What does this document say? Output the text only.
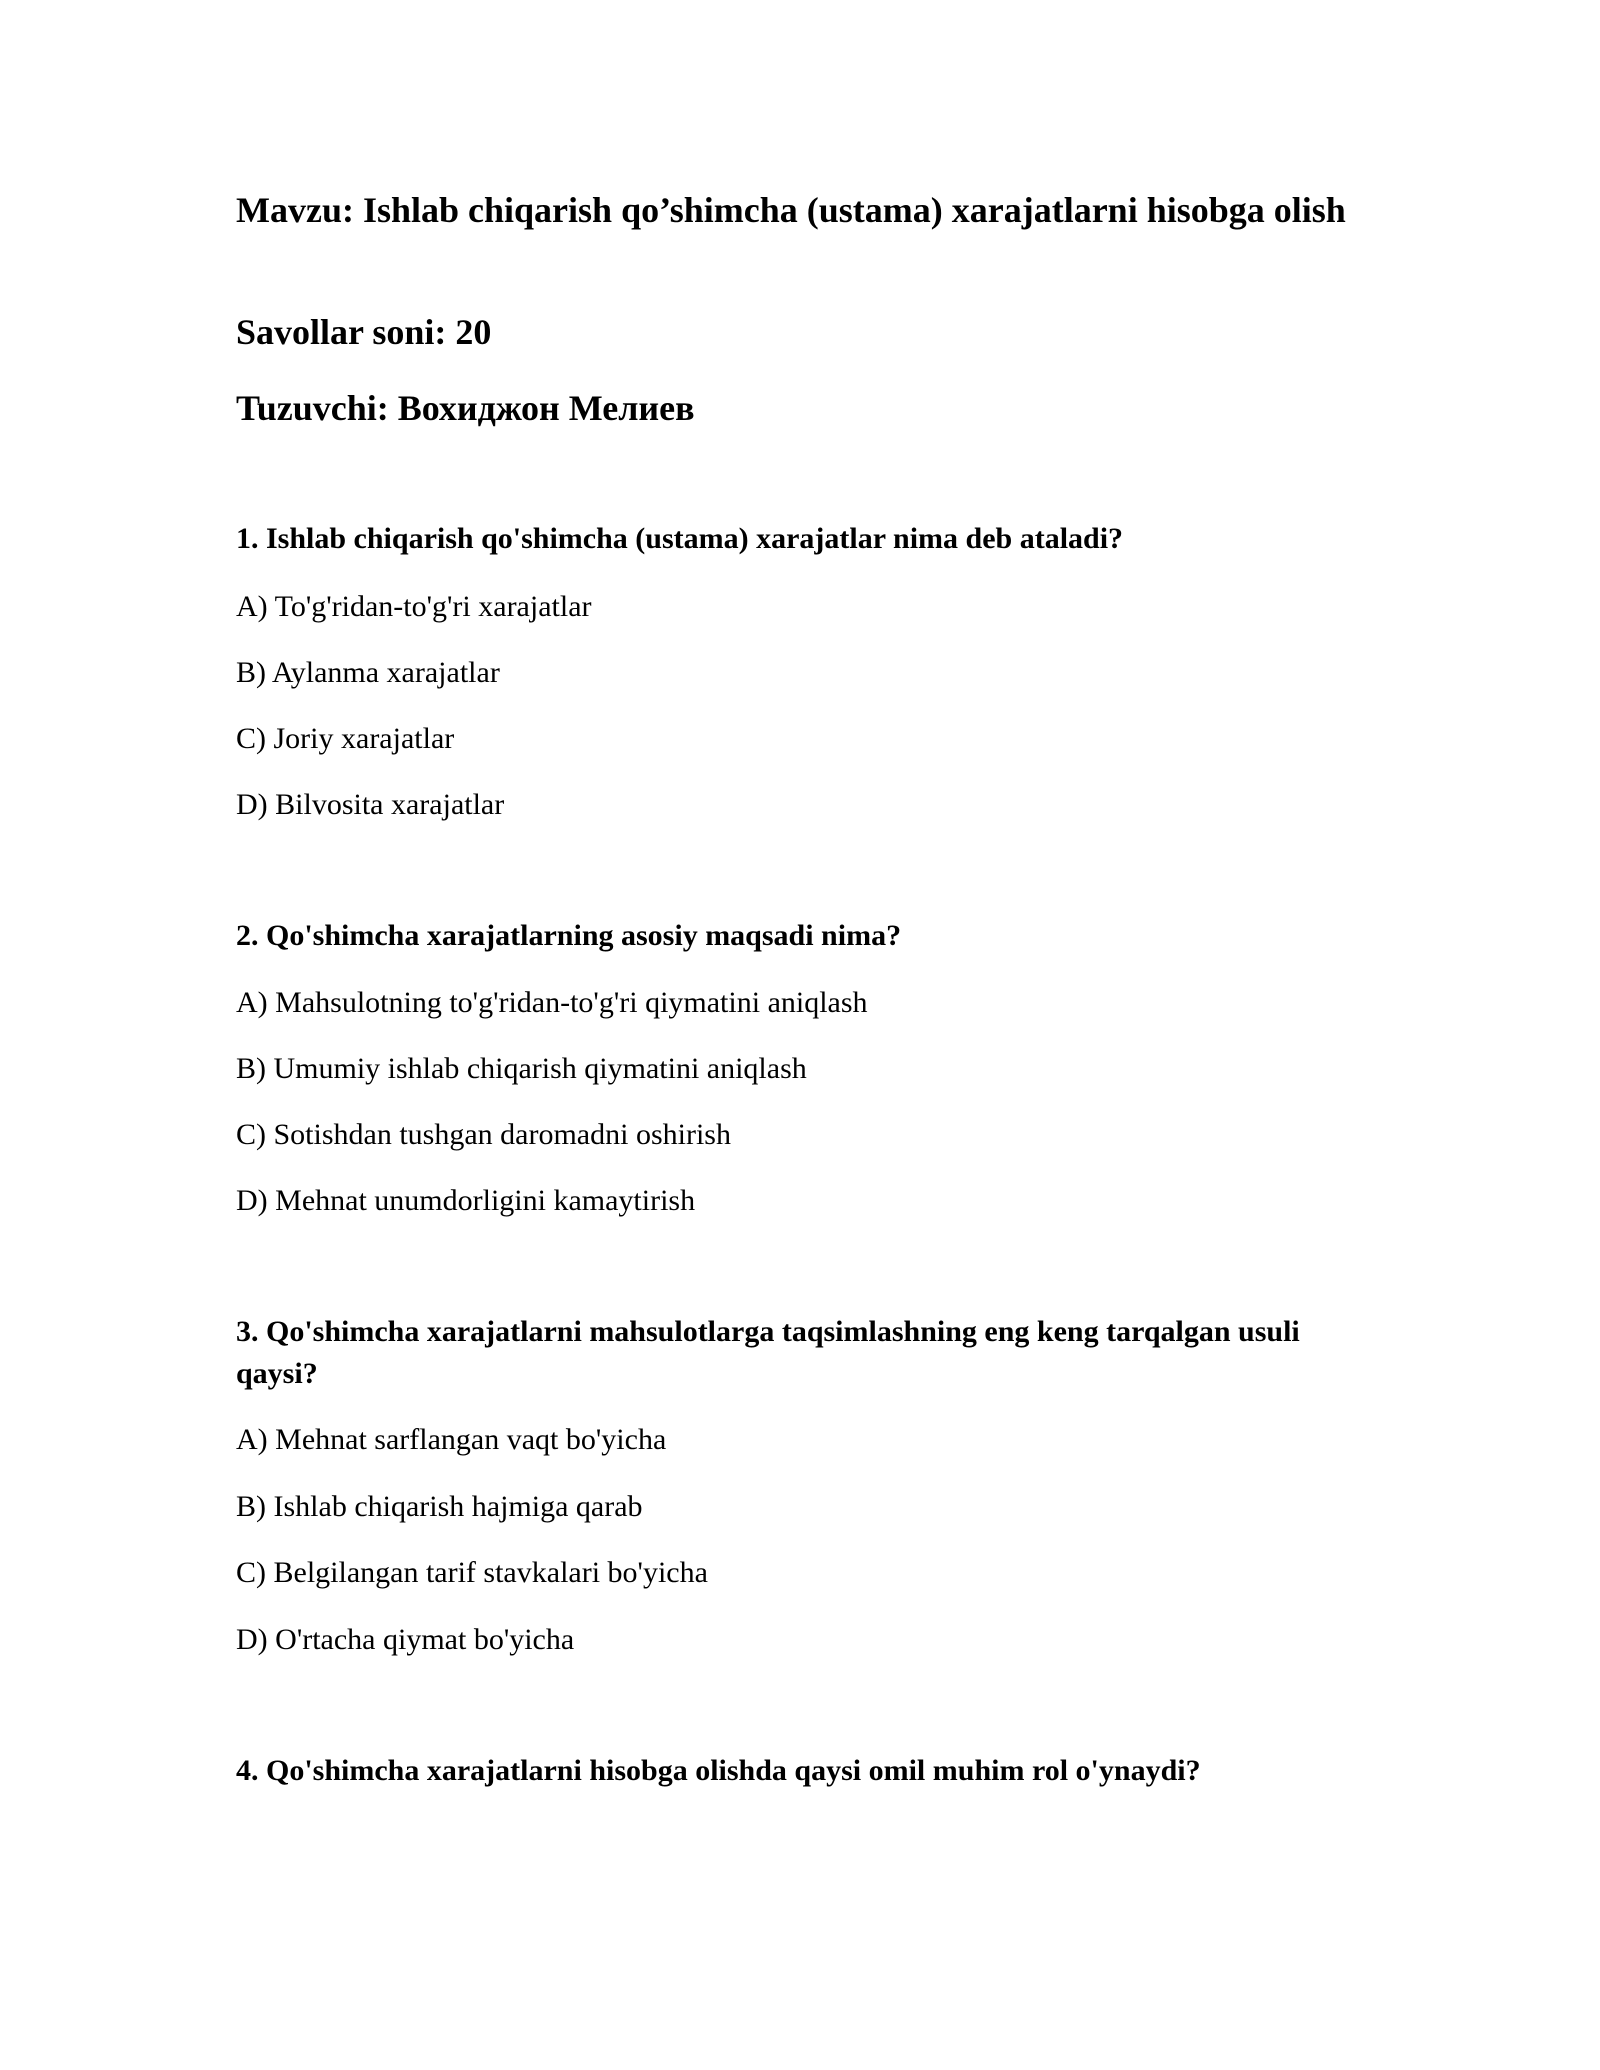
Mavzu: Ishlab chiqarish qo’shimcha (ustama) xarajatlarni hisobga olish

Savollar soni: 20

Tuzuvchi: Вохиджон Мелиев

1. Ishlab chiqarish qo'shimcha (ustama) xarajatlar nima deb ataladi?

A) To'g'ridan-to'g'ri xarajatlar

B) Aylanma xarajatlar

C) Joriy xarajatlar

D) Bilvosita xarajatlar

2. Qo'shimcha xarajatlarning asosiy maqsadi nima?

A) Mahsulotning to'g'ridan-to'g'ri qiymatini aniqlash

B) Umumiy ishlab chiqarish qiymatini aniqlash

C) Sotishdan tushgan daromadni oshirish

D) Mehnat unumdorligini kamaytirish

3. Qo'shimcha xarajatlarni mahsulotlarga taqsimlashning eng keng tarqalgan usuli qaysi?

A) Mehnat sarflangan vaqt bo'yicha

B) Ishlab chiqarish hajmiga qarab

C) Belgilangan tarif stavkalari bo'yicha

D) O'rtacha qiymat bo'yicha

4. Qo'shimcha xarajatlarni hisobga olishda qaysi omil muhim rol o'ynaydi?
